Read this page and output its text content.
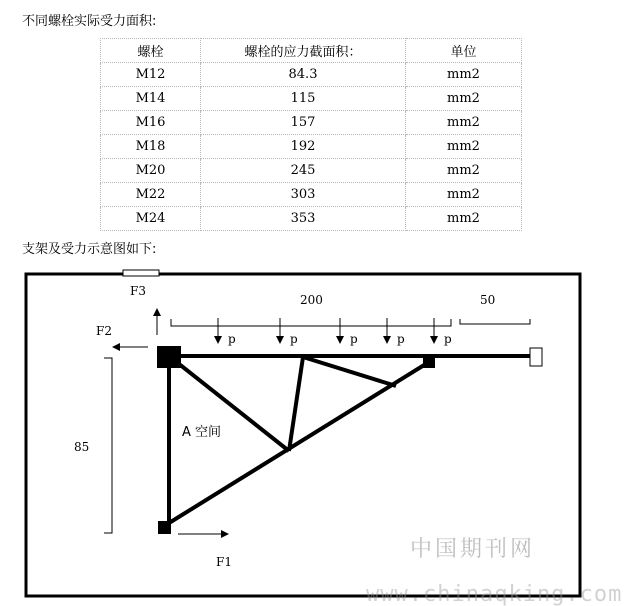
不同螺栓实际受力面积:
螺栓	螺栓的应力截面积：	单位
M12	84.3	mm2
M14	115	mm2
M16	157	mm2
M18	192	mm2
M20	245	mm2
M22	303	mm2
M24	353	mm2
支架及受力示意图如下:
F3
F2
200	50
p	p	p	p	p
A 空间
F1
85
中国期刊网
www.chinaqking.com
